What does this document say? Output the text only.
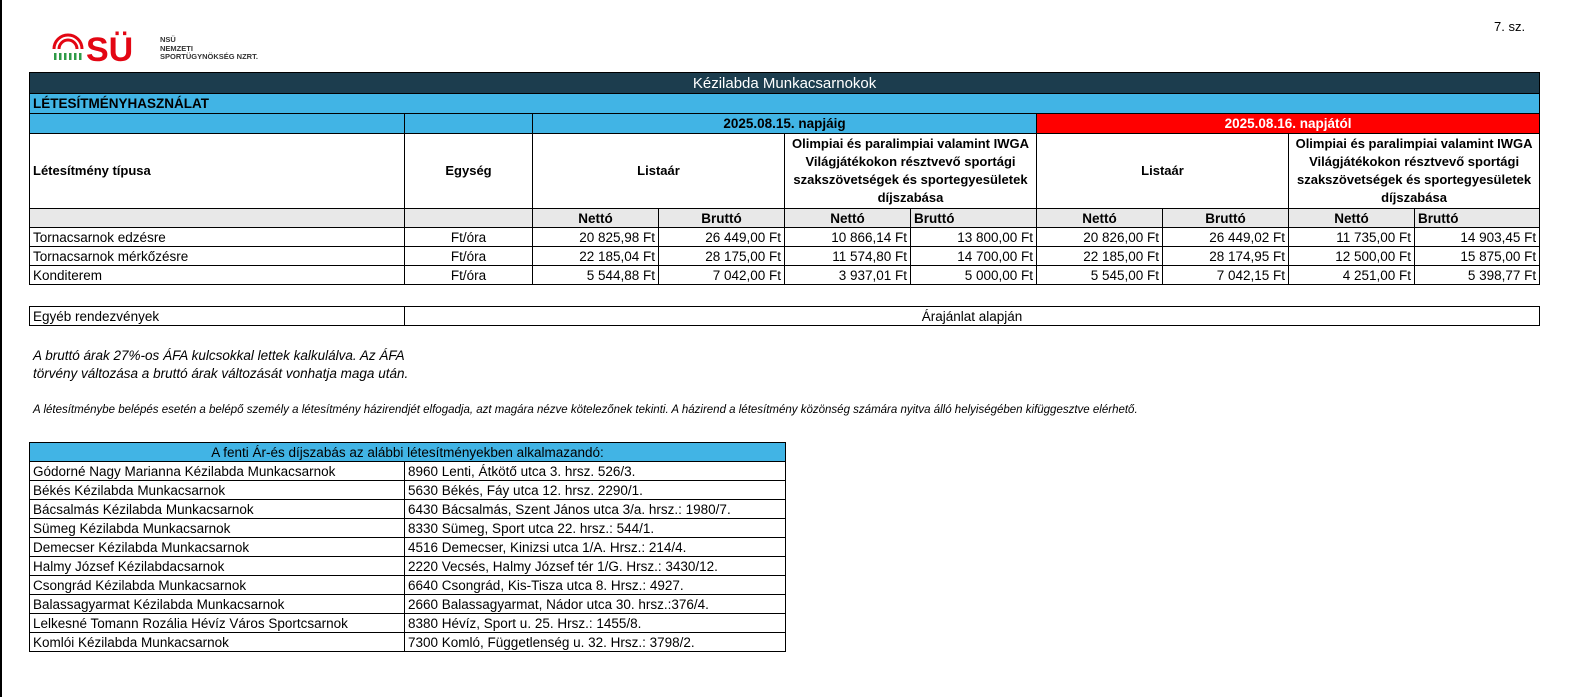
7. sz.
SÜ	NSÜ
NEMZETI
SPORTÜGYNÖKSÉG NZRT.
Kézilabda Munkacsarnokok									
LÉTESÍTMÉNYHASZNÁLAT									
		2025.08.15. napjáig				2025.08.16. napjától			
Létesítmény típusa	Egység	Listaár		Olimpiai és paralimpiai valamint IWGA Világjátékokon résztvevő sportági szakszövetségek és sportegyesületek díjszabása		Listaár		Olimpiai és paralimpiai valamint IWGA Világjátékokon résztvevő sportági szakszövetségek és sportegyesületek díjszabása	
		Nettó	Bruttó	Nettó	Bruttó	Nettó	Bruttó	Nettó	Bruttó
Tornacsarnok edzésre	Ft/óra	20 825,98 Ft	26 449,00 Ft	10 866,14 Ft	13 800,00 Ft	20 826,00 Ft	26 449,02 Ft	11 735,00 Ft	14 903,45 Ft
Tornacsarnok mérkőzésre	Ft/óra	22 185,04 Ft	28 175,00 Ft	11 574,80 Ft	14 700,00 Ft	22 185,00 Ft	28 174,95 Ft	12 500,00 Ft	15 875,00 Ft
Konditerem	Ft/óra	5 544,88 Ft	7 042,00 Ft	3 937,01 Ft	5 000,00 Ft	5 545,00 Ft	7 042,15 Ft	4 251,00 Ft	5 398,77 Ft
Egyéb rendezvények	Árajánlat alapján
A bruttó árak 27%-os ÁFA kulcsokkal lettek kalkulálva. Az ÁFA törvény változása a bruttó árak változását vonhatja maga után.
A létesítménybe belépés esetén a belépő személy a létesítmény házirendjét elfogadja, azt magára nézve kötelezőnek tekinti. A házirend a létesítmény közönség számára nyitva álló helyiségében kifüggesztve elérhető.
A fenti Ár-és díjszabás az alábbi létesítményekben alkalmazandó:	
Gódorné Nagy Marianna Kézilabda Munkacsarnok	8960 Lenti, Átkötő utca 3. hrsz. 526/3.
Békés Kézilabda Munkacsarnok	5630 Békés, Fáy utca 12. hrsz. 2290/1.
Bácsalmás Kézilabda Munkacsarnok	6430 Bácsalmás, Szent János utca 3/a. hrsz.: 1980/7.
Sümeg Kézilabda Munkacsarnok	8330 Sümeg, Sport utca 22. hrsz.: 544/1.
Demecser Kézilabda Munkacsarnok	4516 Demecser, Kinizsi utca 1/A. Hrsz.: 214/4.
Halmy József Kézilabdacsarnok	2220 Vecsés, Halmy József tér 1/G. Hrsz.: 3430/12.
Csongrád Kézilabda Munkacsarnok	6640 Csongrád, Kis-Tisza utca 8. Hrsz.: 4927.
Balassagyarmat Kézilabda Munkacsarnok	2660 Balassagyarmat, Nádor utca 30. hrsz.:376/4.
Lelkesné Tomann Rozália Hévíz Város Sportcsarnok	8380 Hévíz, Sport u. 25. Hrsz.: 1455/8.
Komlói Kézilabda Munkacsarnok	7300 Komló, Függetlenség u. 32. Hrsz.: 3798/2.
